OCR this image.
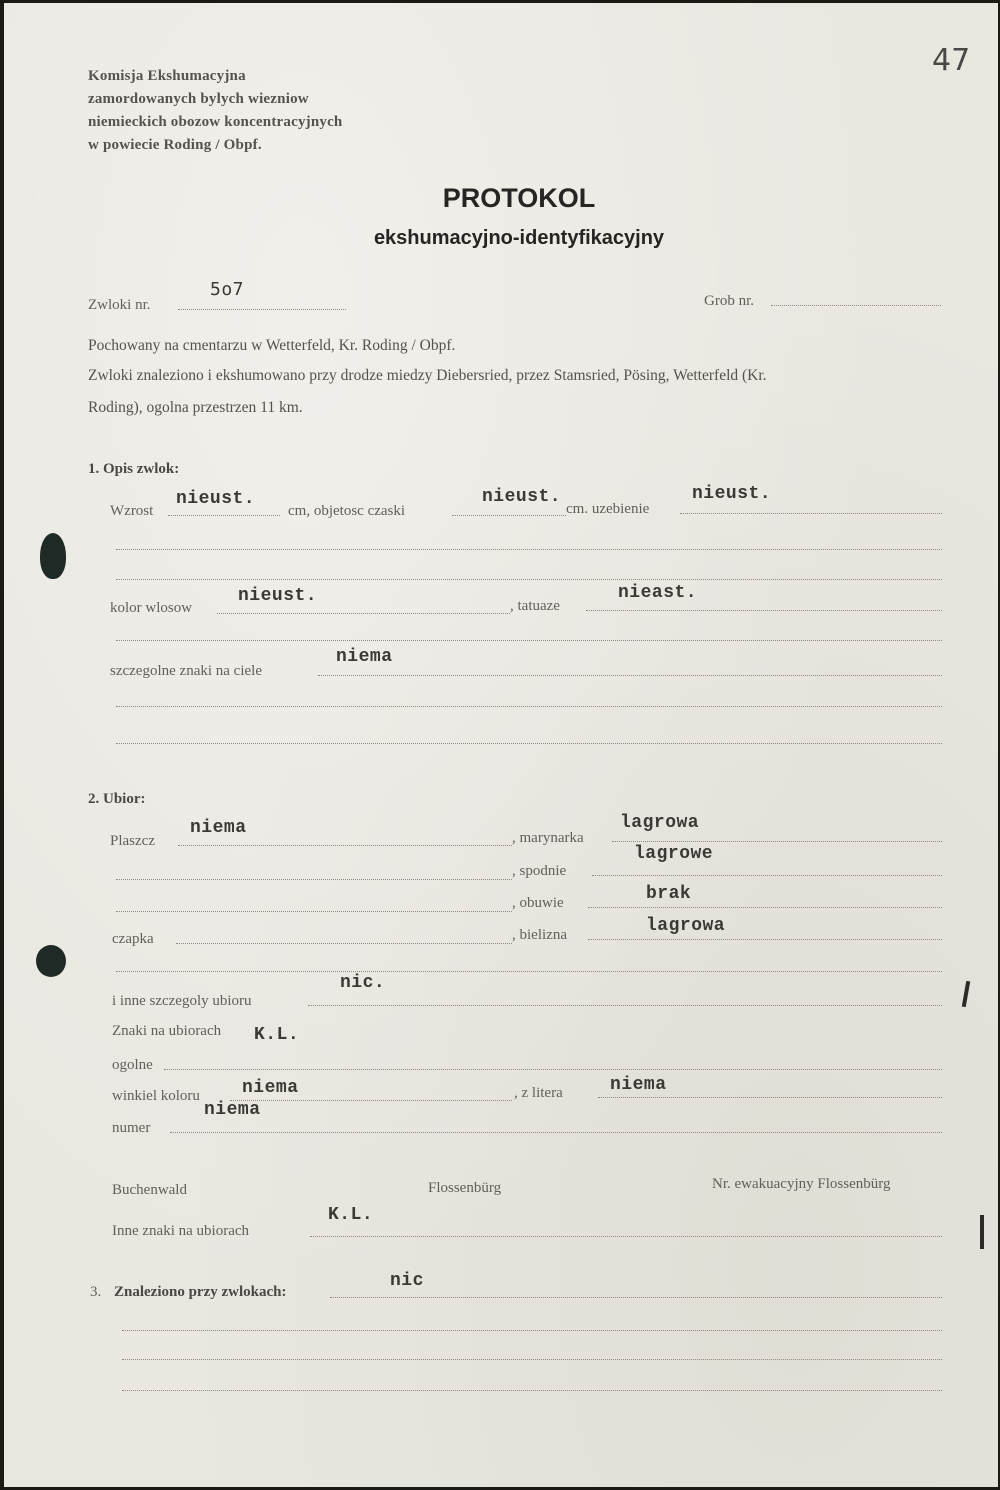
Komisja Ekshumacyjna
zamordowanych bylych wiezniow
niemieckich obozow koncentracyjnych
w powiecie Roding / Obpf.
47
PROTOKOL
ekshumacyjno-identyfikacyjny
Zwloki nr.
5o7
Grob nr.
Pochowany na cmentarzu w Wetterfeld, Kr. Roding / Obpf.
Zwloki znaleziono i ekshumowano przy drodze miedzy Diebersried, przez Stamsried, Pösing, Wetterfeld (Kr.
Roding), ogolna przestrzen 11 km.
1. Opis zwlok:
Wzrost
nieust.
cm, objetosc czaski
nieust.
cm. uzebienie
nieust.
kolor wlosow
nieust.	, tatuaze
nieast.
szczegolne znaki na ciele
niema
2. Ubior:
Plaszcz
niema	, marynarka
lagrowa
, spodnie
lagrowe
, obuwie	brak
czapka	, bielizna	lagrowa
i inne szczegoly ubioru
nic.
Znaki na ubiorach K.L.
ogolne
winkiel koloru niema	, z litera	niema
numer
niema
Buchenwald	Flossenbürg	Nr. ewakuacyjny Flossenbürg
Inne znaki na ubiorach
K.L.
3. Znaleziono przy zwlokach:
nic
